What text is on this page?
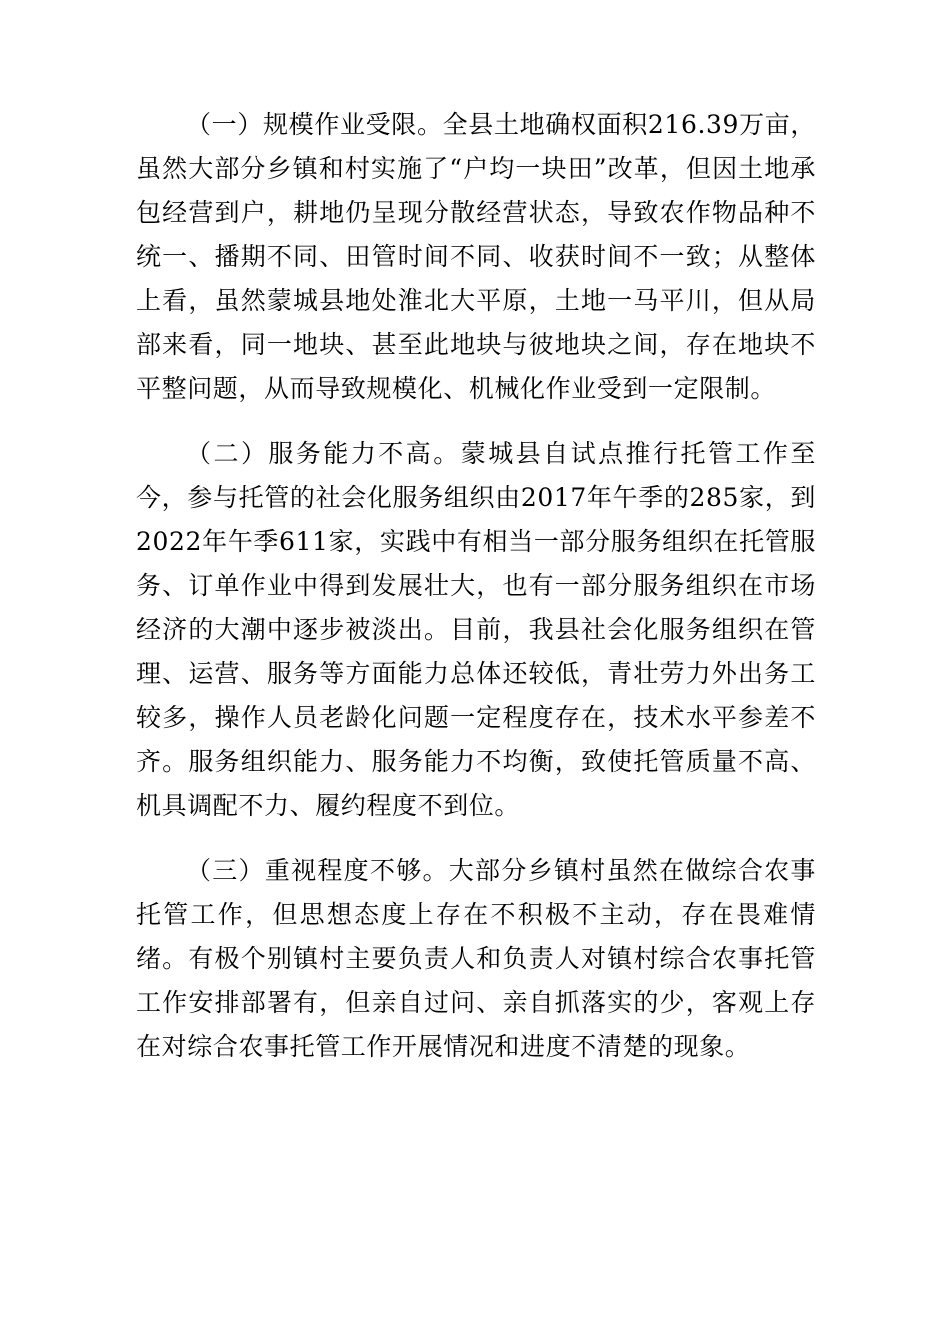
（一）规模作业受限。全县土地确权面积216.39万亩，虽然大部分乡镇和村实施了“户均一块田”改革，但因土地承包经营到户，耕地仍呈现分散经营状态，导致农作物品种不统一、播期不同、田管时间不同、收获时间不一致；从整体上看，虽然蒙城县地处淮北大平原，土地一马平川，但从局部来看，同一地块、甚至此地块与彼地块之间，存在地块不平整问题，从而导致规模化、机械化作业受到一定限制。

（二）服务能力不高。蒙城县自试点推行托管工作至今，参与托管的社会化服务组织由2017年午季的285家，到2022年午季611家，实践中有相当一部分服务组织在托管服务、订单作业中得到发展壮大，也有一部分服务组织在市场经济的大潮中逐步被淡出。目前，我县社会化服务组织在管理、运营、服务等方面能力总体还较低，青壮劳力外出务工较多，操作人员老龄化问题一定程度存在，技术水平参差不齐。服务组织能力、服务能力不均衡，致使托管质量不高、机具调配不力、履约程度不到位。

（三）重视程度不够。大部分乡镇村虽然在做综合农事托管工作，但思想态度上存在不积极不主动，存在畏难情绪。有极个别镇村主要负责人和负责人对镇村综合农事托管工作安排部署有，但亲自过问、亲自抓落实的少，客观上存在对综合农事托管工作开展情况和进度不清楚的现象。
